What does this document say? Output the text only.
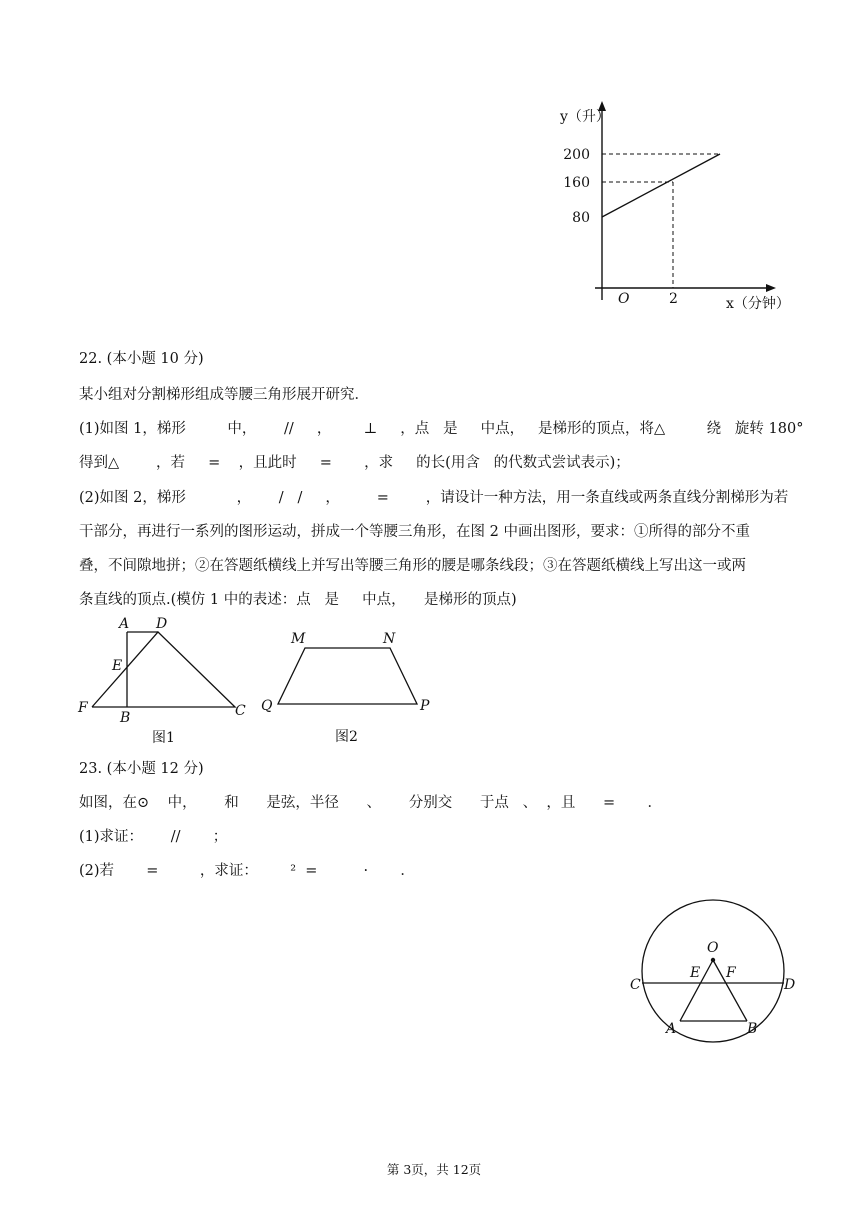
y（升）
200
160
80
O	2	x（分钟）
22. (本小题 10 分)
某小组对分割梯形组成等腰三角形展开研究．
(1)如图 1，梯形         中，      //     ，       ⊥     ，点   是     中点，   是梯形的顶点，将△         绕   旋转 180°
得到△        ，若     =    ，且此时     =       ，求     的长(用含   的代数式尝试表示)；
(2)如图 2，梯形           ，      /   /     ，        =        ，请设计一种方法，用一条直线或两条直线分割梯形为若
干部分，再进行一系列的图形运动，拼成一个等腰三角形，在图 2 中画出图形，要求：①所得的部分不重
叠，不间隙地拼；②在答题纸横线上并写出等腰三角形的腰是哪条线段；③在答题纸横线上写出这一或两
条直线的顶点.(模仿 1 中的表述：点   是     中点，    是梯形的顶点)
A D
E
F
B	C
图1
M	N
Q	P
图2
23. (本小题 12 分)
如图，在⊙    中，      和      是弦，半径      、      分别交      于点   、  ，且      =       ．
(1)求证：      //       ；
(2)若       =         ，求证：       ²  =          ·       ．
O
E F
C	D
A	B
第 3页，共 12页
